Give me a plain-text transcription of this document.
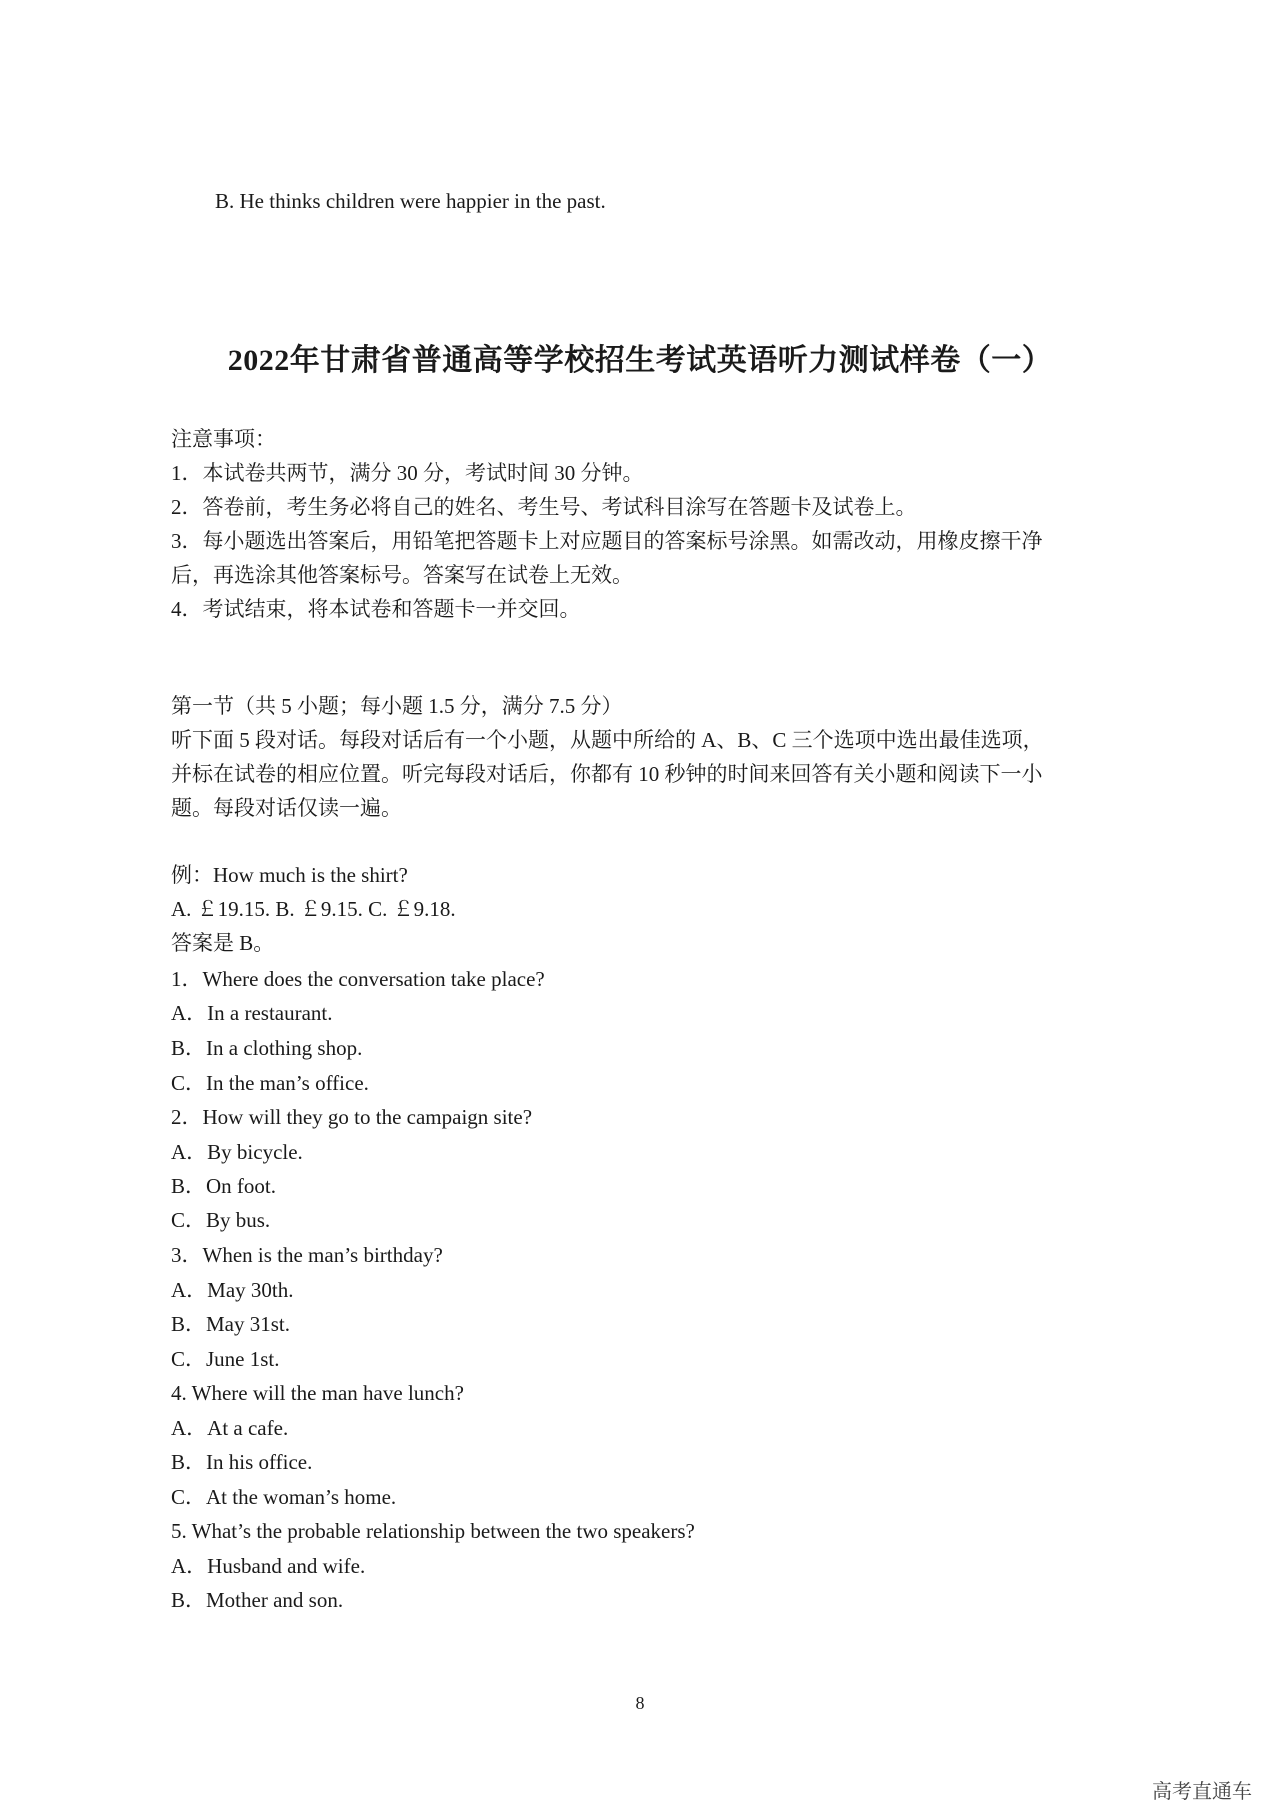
B. He thinks children were happier in the past.
2022年甘肃省普通高等学校招生考试英语听力测试样卷（一）
注意事项：
1．本试卷共两节，满分 30 分，考试时间 30 分钟。
2．答卷前，考生务必将自己的姓名、考生号、考试科目涂写在答题卡及试卷上。
3．每小题选出答案后，用铅笔把答题卡上对应题目的答案标号涂黑。如需改动，用橡皮擦干净
后，再选涂其他答案标号。答案写在试卷上无效。
4．考试结束，将本试卷和答题卡一并交回。
第一节（共 5 小题；每小题 1.5 分，满分 7.5 分）
听下面 5 段对话。每段对话后有一个小题，从题中所给的 A、B、C 三个选项中选出最佳选项，
并标在试卷的相应位置。听完每段对话后，你都有 10 秒钟的时间来回答有关小题和阅读下一小
题。每段对话仅读一遍。
例：How much is the shirt?
A. ￡19.15. B. ￡9.15. C. ￡9.18.
答案是 B。
1．Where does the conversation take place?
A．In a restaurant.
B．In a clothing shop.
C．In the man’s office.
2．How will they go to the campaign site?
A．By bicycle.
B．On foot.
C．By bus.
3．When is the man’s birthday?
A．May 30th.
B．May 31st.
C．June 1st.
4. Where will the man have lunch?
A．At a cafe.
B．In his office.
C．At the woman’s home.
5. What’s the probable relationship between the two speakers?
A．Husband and wife.
B．Mother and son.
8
高考直通车
